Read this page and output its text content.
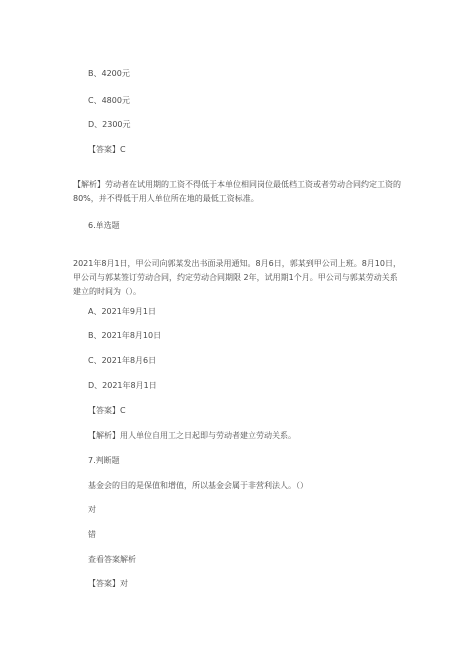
B、4200元
C、4800元
D、2300元
【答案】C
【解析】劳动者在试用期的工资不得低于本单位相同岗位最低档工资或者劳动合同约定工资的80%，并不得低于用人单位所在地的最低工资标准。
6.单选题
2021年8月1日，甲公司向郭某发出书面录用通知。8月6日，郭某到甲公司上班。8月10日，甲公司与郭某签订劳动合同，约定劳动合同期限 2年，试用期1个月。甲公司与郭某劳动关系建立的时间为（）。
A、2021年9月1日
B、2021年8月10日
C、2021年8月6日
D、2021年8月1日
【答案】C
【解析】用人单位自用工之日起即与劳动者建立劳动关系。
7.判断题
基金会的目的是保值和增值，所以基金会属于非营利法人。（）
对
错
查看答案解析
【答案】对
